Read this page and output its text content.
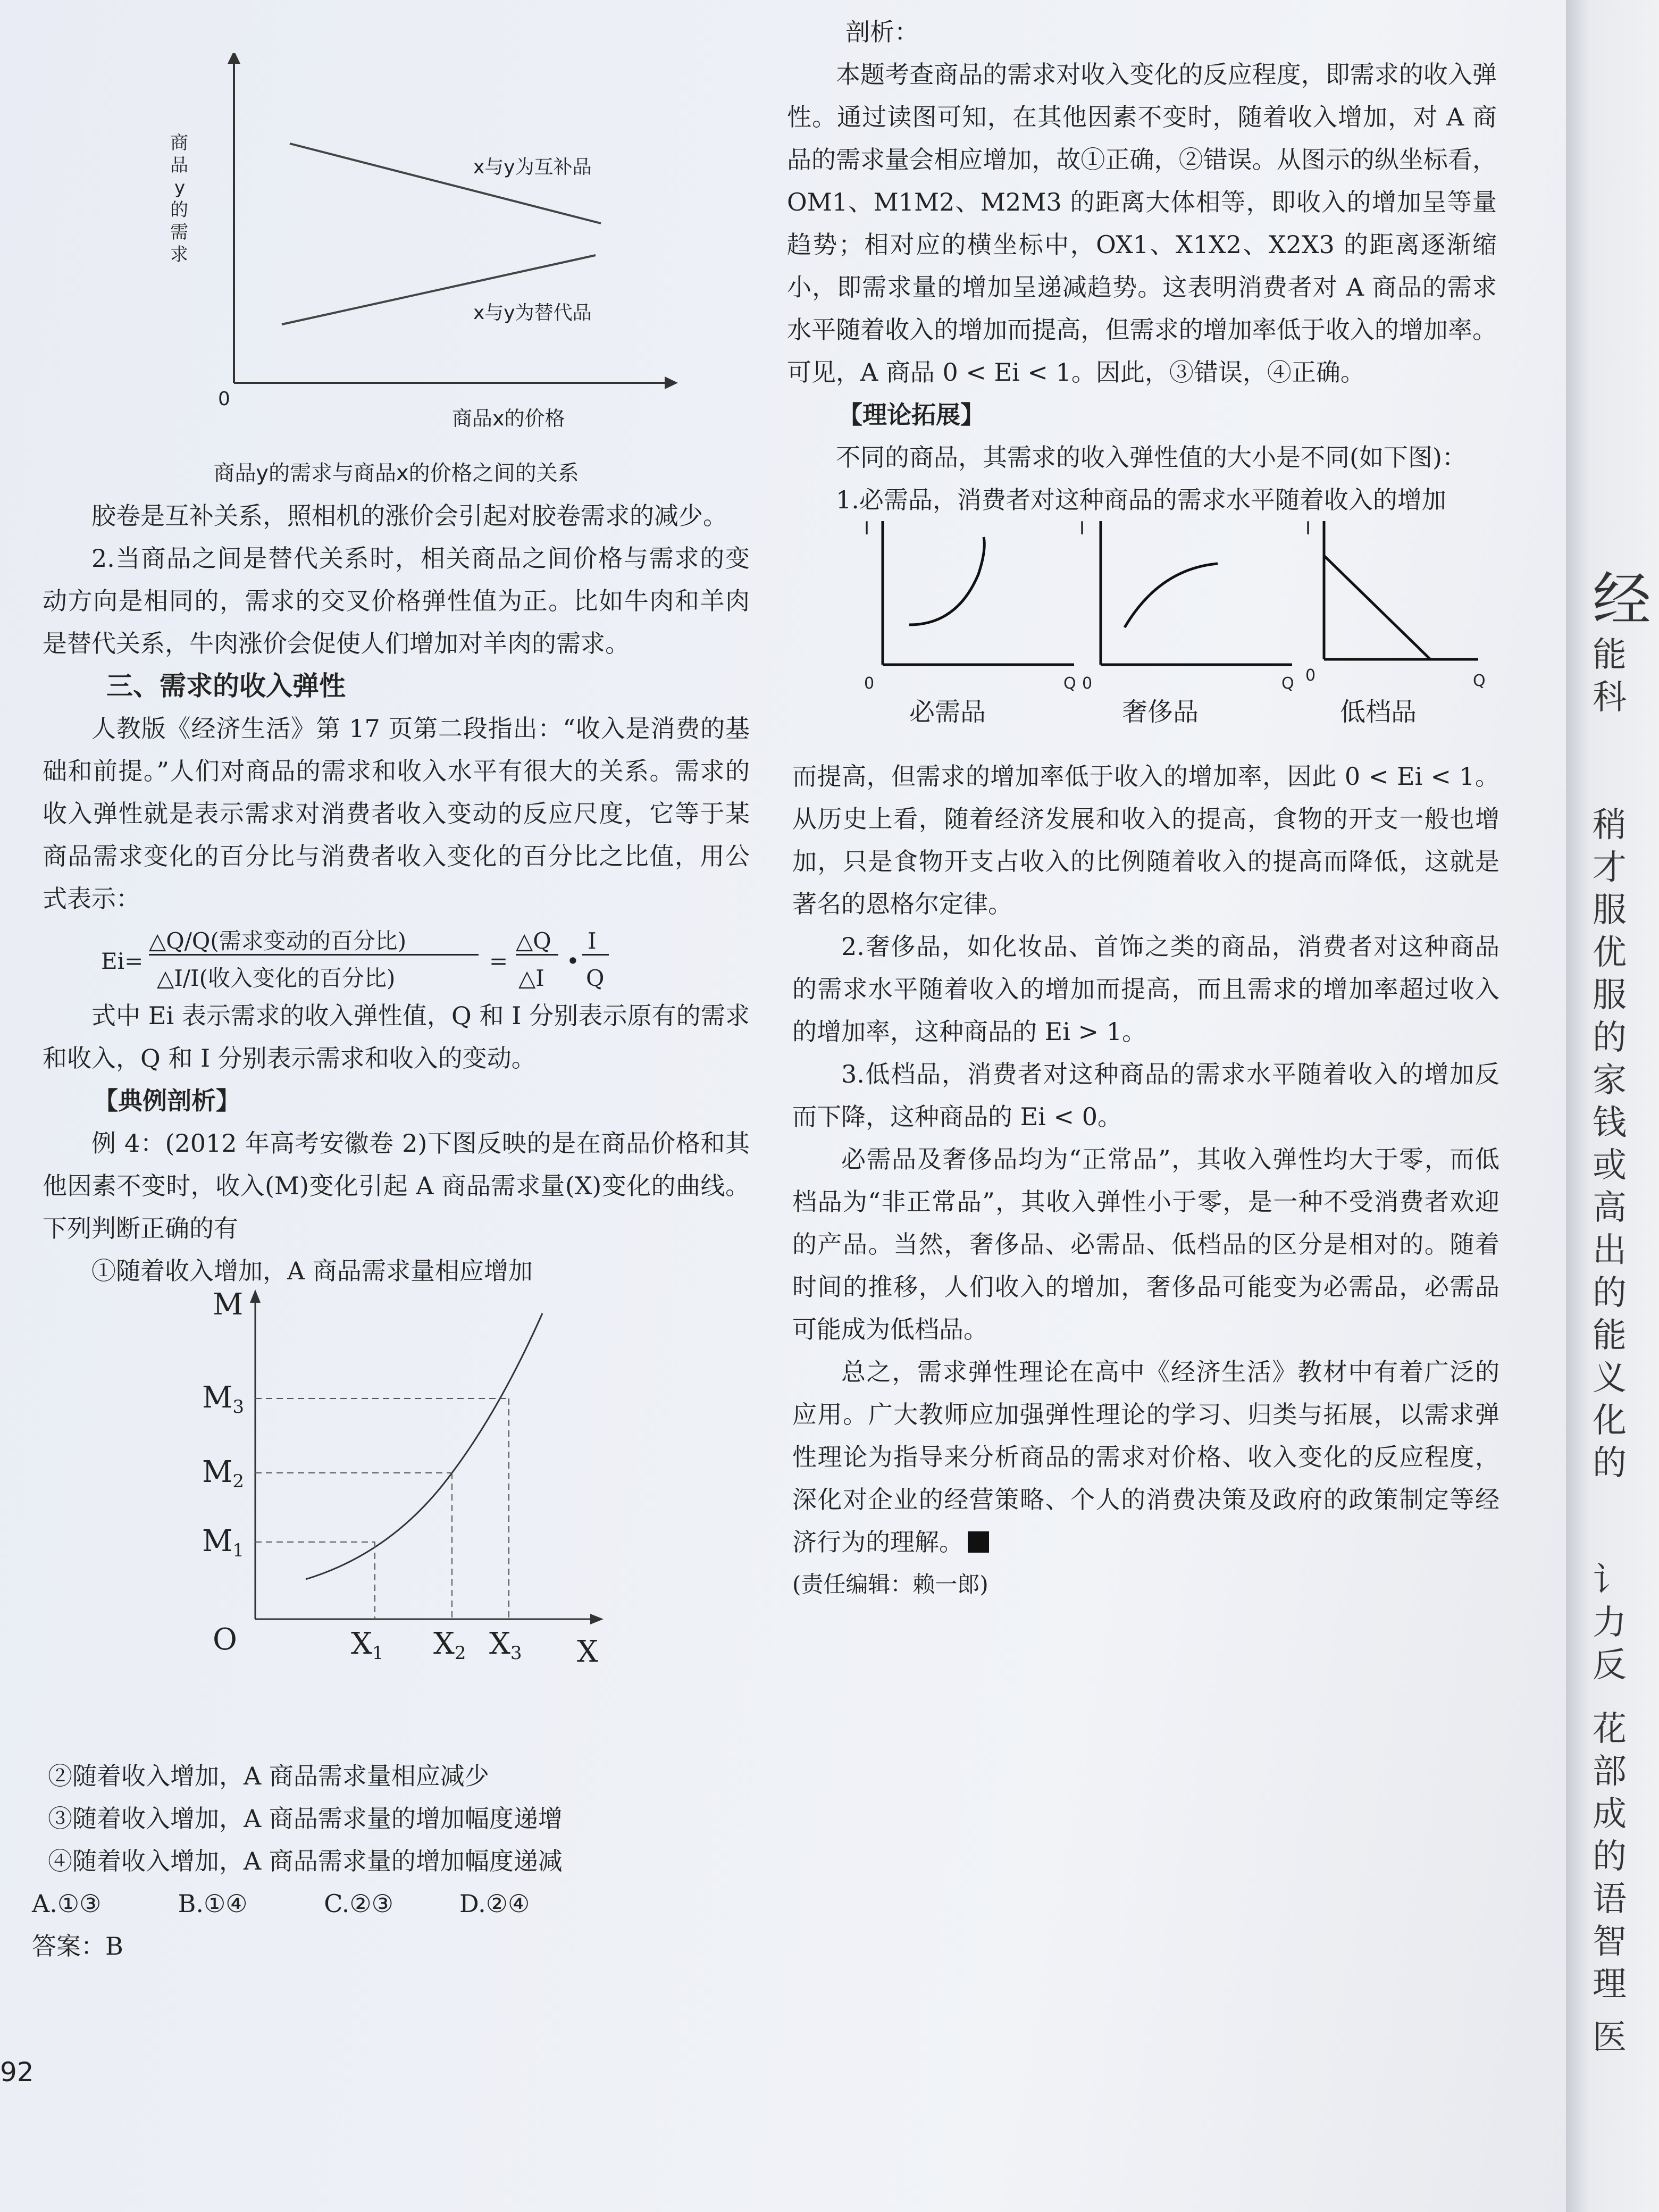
0
x与y为互补品
x与y为替代品
商品x的价格
商
品
y
的
需
求
商品y的需求与商品x的价格之间的关系

胶卷是互补关系，照相机的涨价会引起对胶卷需求的减少。

2.当商品之间是替代关系时，相关商品之间价格与需求的变动方向是相同的，需求的交叉价格弹性值为正。比如牛肉和羊肉是替代关系，牛肉涨价会促使人们增加对羊肉的需求。

三、需求的收入弹性

人教版《经济生活》第 17 页第二段指出：“收入是消费的基础和前提。”人们对商品的需求和收入水平有很大的关系。需求的收入弹性就是表示需求对消费者收入变动的反应尺度，它等于某商品需求变化的百分比与消费者收入变化的百分比之比值，用公式表示：

Ei=
△Q/Q(需求变动的百分比)
△I/I(收入变化的百分比)
=
△Q
△I
•
I
Q

式中 Ei 表示需求的收入弹性值，Q 和 I 分别表示原有的需求和收入，Q 和 I 分别表示需求和收入的变动。

【典例剖析】

例 4：(2012 年高考安徽卷 2)下图反映的是在商品价格和其他因素不变时，收入(M)变化引起 A 商品需求量(X)变化的曲线。下列判断正确的有

①随着收入增加，A 商品需求量相应增加

M
X
O
M1
M2
M3
X1 X2 X3

②随着收入增加，A 商品需求量相应减少

③随着收入增加，A 商品需求量的增加幅度递增

④随着收入增加，A 商品需求量的增加幅度递减

A.①③	B.①④	C.②③	D.②④

答案：B

92

剖析：

本题考查商品的需求对收入变化的反应程度，即需求的收入弹性。通过读图可知，在其他因素不变时，随着收入增加，对 A 商品的需求量会相应增加，故①正确，②错误。从图示的纵坐标看，OM1、M1M2、M2M3 的距离大体相等，即收入的增加呈等量趋势；相对应的横坐标中，OX1、X1X2、X2X3 的距离逐渐缩小，即需求量的增加呈递减趋势。这表明消费者对 A 商品的需求水平随着收入的增加而提高，但需求的增加率低于收入的增加率。可见，A 商品 0 < Ei < 1。因此，③错误，④正确。

【理论拓展】

不同的商品，其需求的收入弹性值的大小是不同(如下图)：

1.必需品，消费者对这种商品的需求水平随着收入的增加

I
0	Q
必需品
I
0	Q
奢侈品
I
0	Q
低档品

而提高，但需求的增加率低于收入的增加率，因此 0 < Ei < 1。从历史上看，随着经济发展和收入的提高，食物的开支一般也增加，只是食物开支占收入的比例随着收入的提高而降低，这就是著名的恩格尔定律。

2.奢侈品，如化妆品、首饰之类的商品，消费者对这种商品的需求水平随着收入的增加而提高，而且需求的增加率超过收入的增加率，这种商品的 Ei > 1。

3.低档品，消费者对这种商品的需求水平随着收入的增加反而下降，这种商品的 Ei < 0。

必需品及奢侈品均为“正常品”，其收入弹性均大于零，而低档品为“非正常品”，其收入弹性小于零，是一种不受消费者欢迎的产品。当然，奢侈品、必需品、低档品的区分是相对的。随着时间的推移，人们收入的增加，奢侈品可能变为必需品，必需品可能成为低档品。

总之，需求弹性理论在高中《经济生活》教材中有着广泛的应用。广大教师应加强弹性理论的学习、归类与拓展，以需求弹性理论为指导来分析商品的需求对价格、收入变化的反应程度，深化对企业的经营策略、个人的消费决策及政府的政策制定等经济行为的理解。

(责任编辑：赖一郎)

经
能
科
稍
才
服
优
服
的
家
钱
或
高
出
的
能
义
化
的
讠
力
反
花
部
成
的
语
智
理
医
